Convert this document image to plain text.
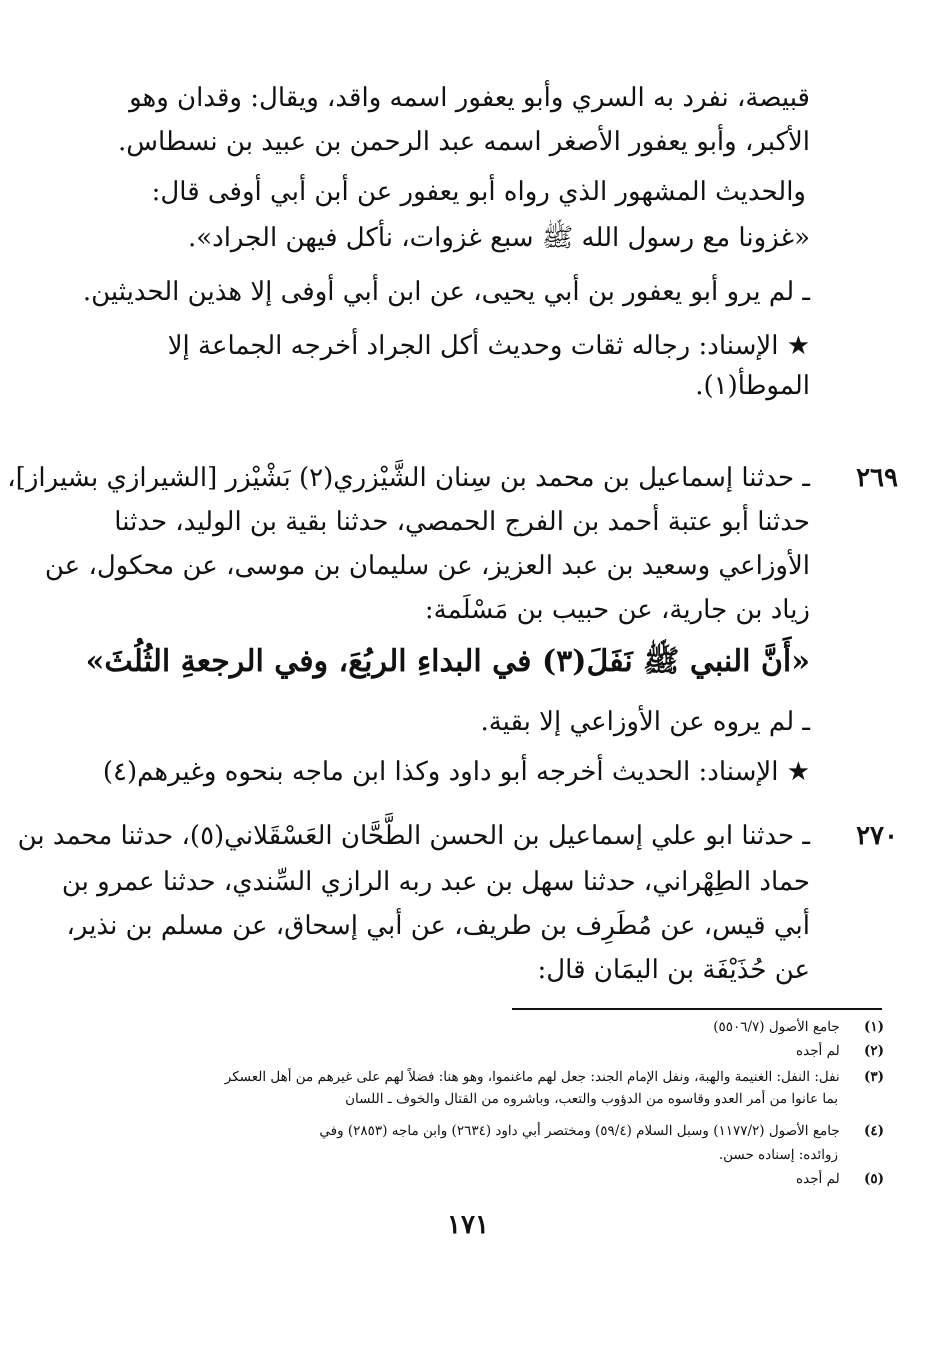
قبيصة، نفرد به السري وأبو يعفور اسمه واقد، ويقال: وقدان وهو
الأكبر، وأبو يعفور الأصغر اسمه عبد الرحمن بن عبيد بن نسطاس.
والحديث المشهور الذي رواه أبو يعفور عن أبن أبي أوفى قال:
«غزونا مع رسول الله ﷺ سبع غزوات، نأكل فيهن الجراد».
ـ لم يرو أبو يعفور بن أبي يحيى، عن ابن أبي أوفى إلا هذين الحديثين.
★ الإسناد: رجاله ثقات وحديث أكل الجراد أخرجه الجماعة إلا
الموطأ(١).
٢٦٩
ـ حدثنا إسماعيل بن محمد بن سِنان الشَّيْزري(٢) بَشْيْزر [الشيرازي بشيراز]،
حدثنا أبو عتبة أحمد بن الفرج الحمصي، حدثنا بقية بن الوليد، حدثنا
الأوزاعي وسعيد بن عبد العزيز، عن سليمان بن موسى، عن محكول، عن
زياد بن جارية، عن حبيب بن مَسْلَمة:
«أَنَّ النبي ﷺ نَفَلَ(٣) في البداءِ الربُعَ، وفي الرجعةِ الثُلُثَ»
ـ لم يروه عن الأوزاعي إلا بقية.
★ الإسناد: الحديث أخرجه أبو داود وكذا ابن ماجه بنحوه وغيرهم(٤)
٢٧٠
ـ حدثنا ابو علي إسماعيل بن الحسن الطَّحَّان العَسْقَلاني(٥)، حدثنا محمد بن
حماد الطِهْراني، حدثنا سهل بن عبد ربه الرازي السِّندي، حدثنا عمرو بن
أبي قيس، عن مُطَرِف بن طريف، عن أبي إسحاق، عن مسلم بن نذير،
عن حُذَيْفَة بن اليمَان قال:
(١) جامع الأصول (٥٥٠٦/٧)
(٢) لم أجده
(٣) نفل: النفل: الغنيمة والهبة، ونفل الإمام الجند: جعل لهم ماغنموا، وهو هنا: فضلاً لهم على غيرهم من أهل العسكر
بما عانوا من أمر العدو وقاسوه من الدؤوب والتعب، وباشروه من القتال والخوف ـ اللسان
(٤) جامع الأصول (١١٧٧/٢) وسبل السلام (٥٩/٤) ومختصر أبي داود (٢٦٣٤) وابن ماجه (٢٨٥٣) وفي
زوائده: إسناده حسن.
(٥) لم أجده
١٧١
